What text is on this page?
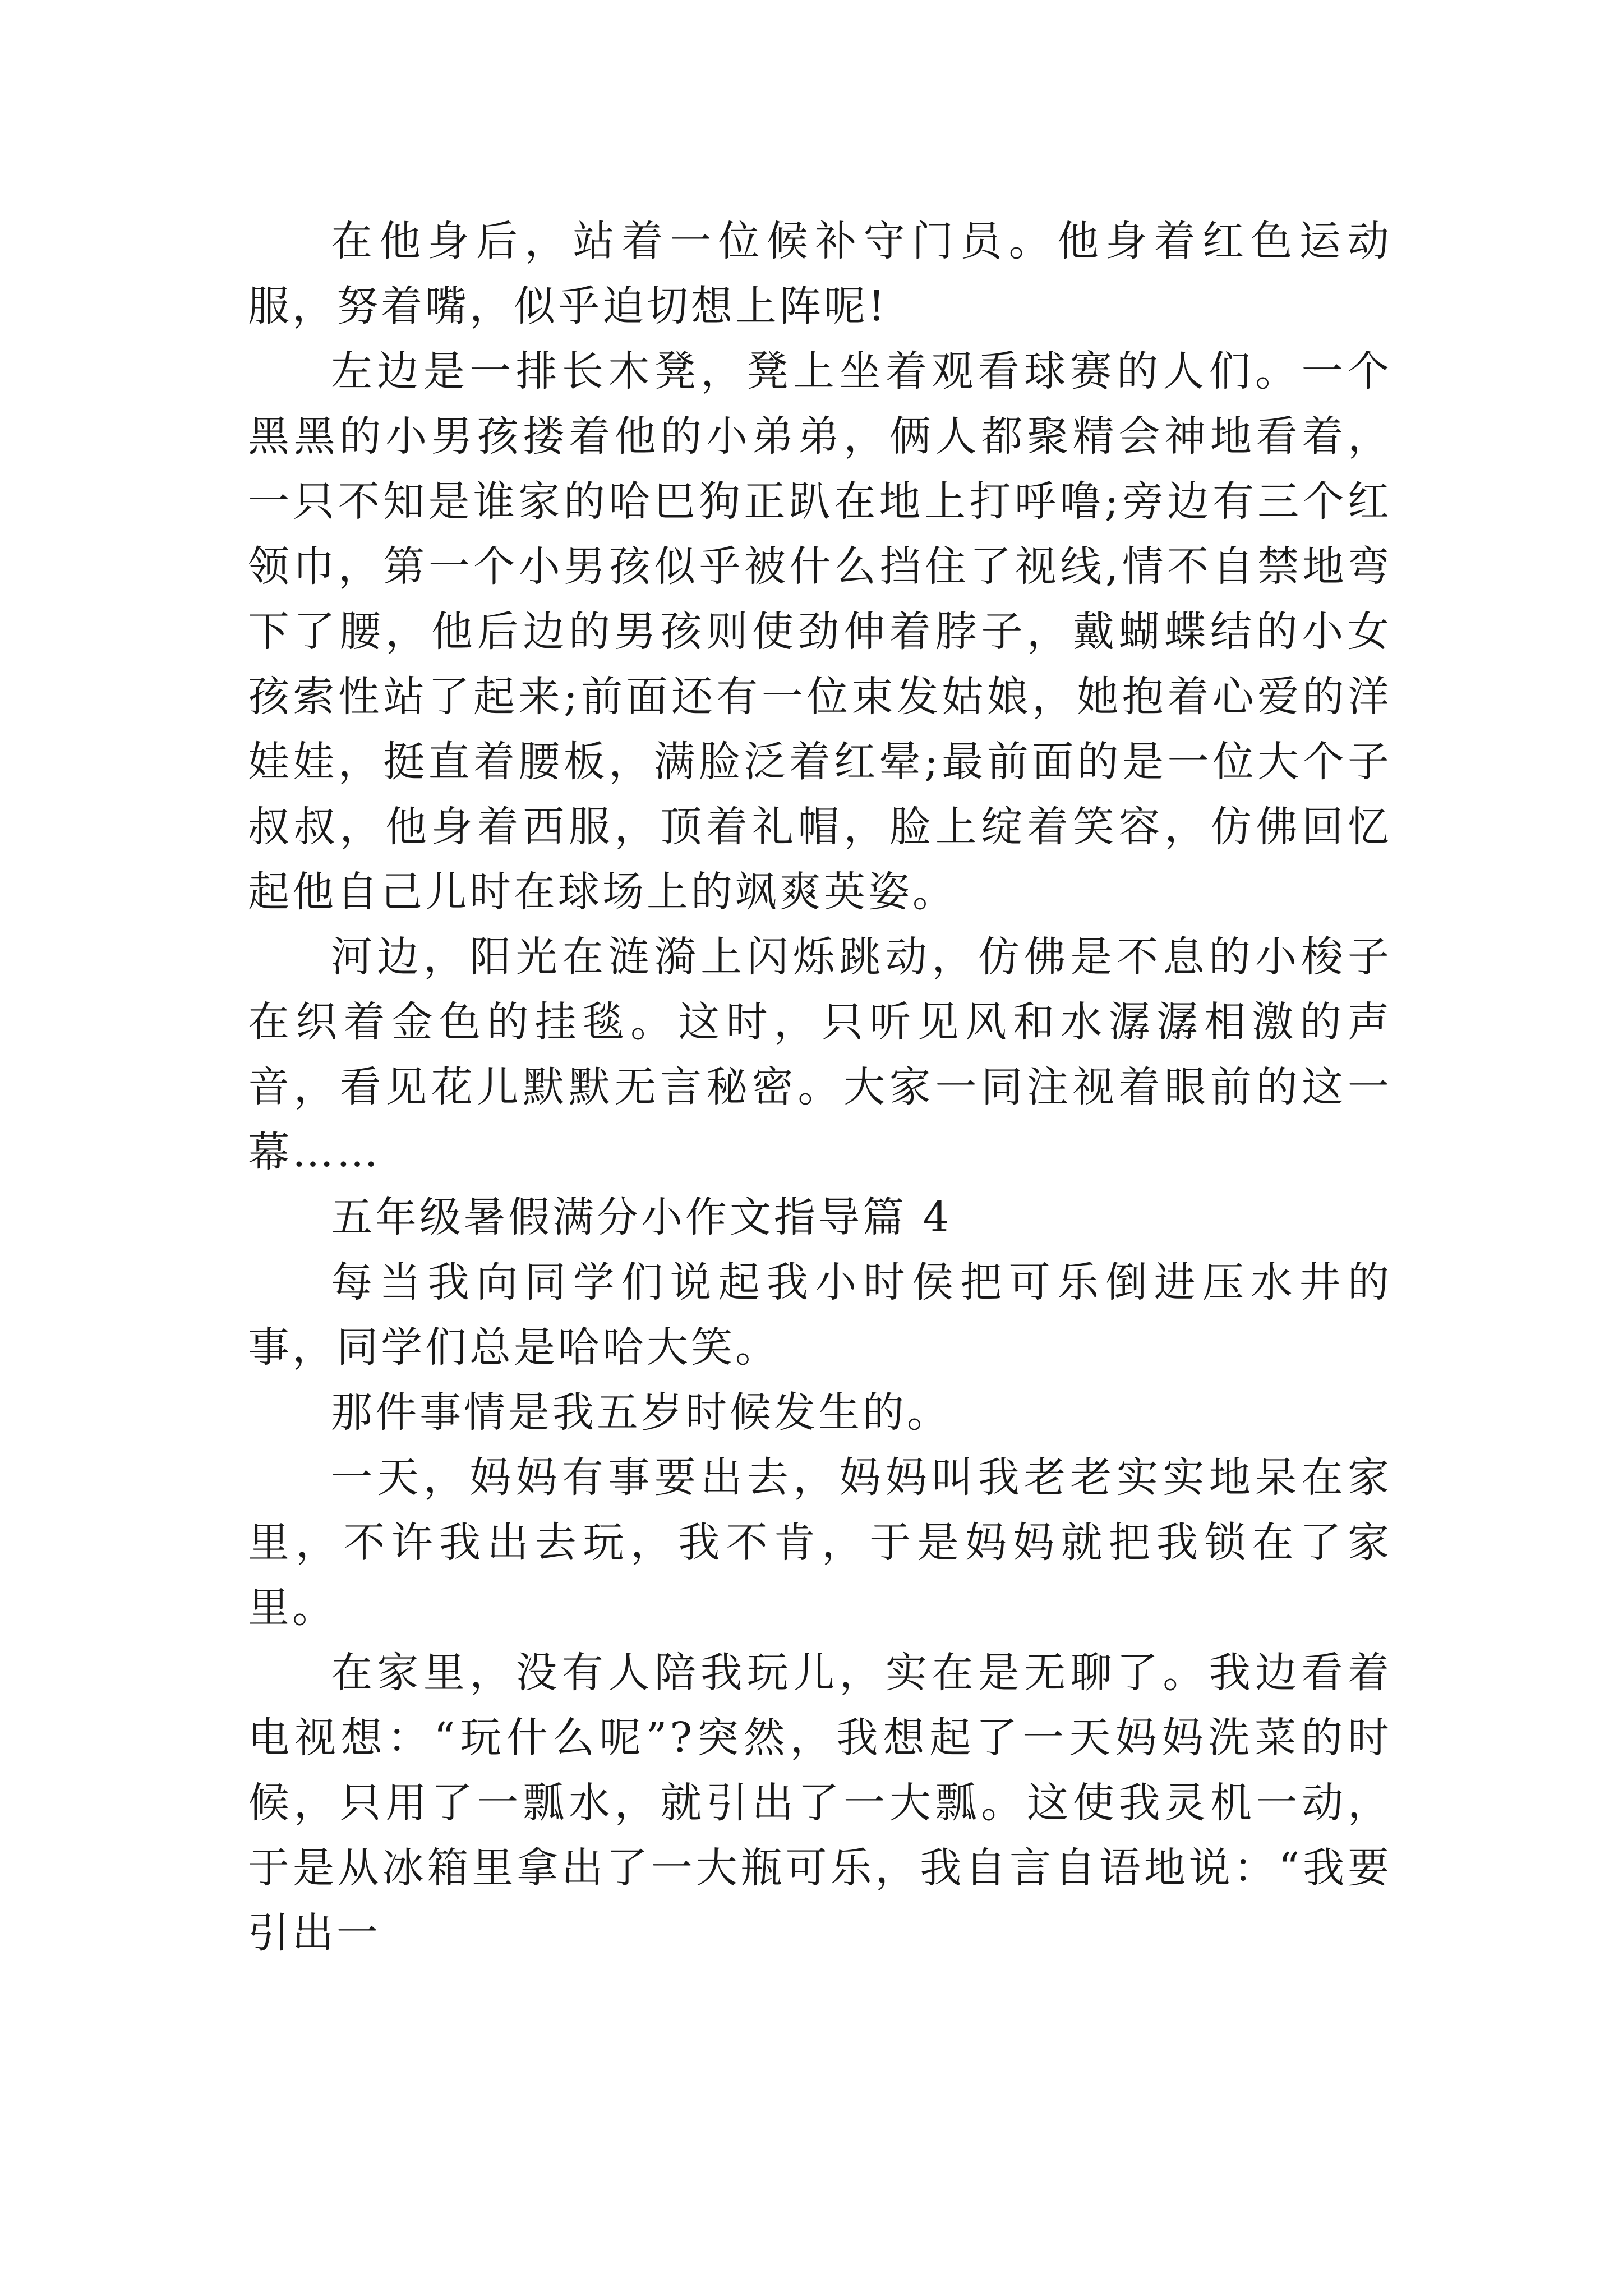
在他身后，站着一位候补守门员。他身着红色运动服，努着嘴，似乎迫切想上阵呢!

左边是一排长木凳，凳上坐着观看球赛的人们。一个黑黑的小男孩搂着他的小弟弟，俩人都聚精会神地看着，一只不知是谁家的哈巴狗正趴在地上打呼噜;旁边有三个红领巾，第一个小男孩似乎被什么挡住了视线,情不自禁地弯下了腰，他后边的男孩则使劲伸着脖子，戴蝴蝶结的小女孩索性站了起来;前面还有一位束发姑娘，她抱着心爱的洋娃娃，挺直着腰板，满脸泛着红晕;最前面的是一位大个子叔叔，他身着西服，顶着礼帽，脸上绽着笑容，仿佛回忆起他自己儿时在球场上的飒爽英姿。

河边，阳光在涟漪上闪烁跳动，仿佛是不息的小梭子在织着金色的挂毯。这时，只听见风和水潺潺相激的声音，看见花儿默默无言秘密。大家一同注视着眼前的这一幕……

五年级暑假满分小作文指导篇 4

每当我向同学们说起我小时侯把可乐倒进压水井的事，同学们总是哈哈大笑。

那件事情是我五岁时候发生的。

一天，妈妈有事要出去，妈妈叫我老老实实地呆在家里，不许我出去玩，我不肯，于是妈妈就把我锁在了家里。

在家里，没有人陪我玩儿，实在是无聊了。我边看着电视想：“玩什么呢”?突然，我想起了一天妈妈洗菜的时候，只用了一瓢水，就引出了一大瓢。这使我灵机一动，于是从冰箱里拿出了一大瓶可乐，我自言自语地说：“我要引出一
